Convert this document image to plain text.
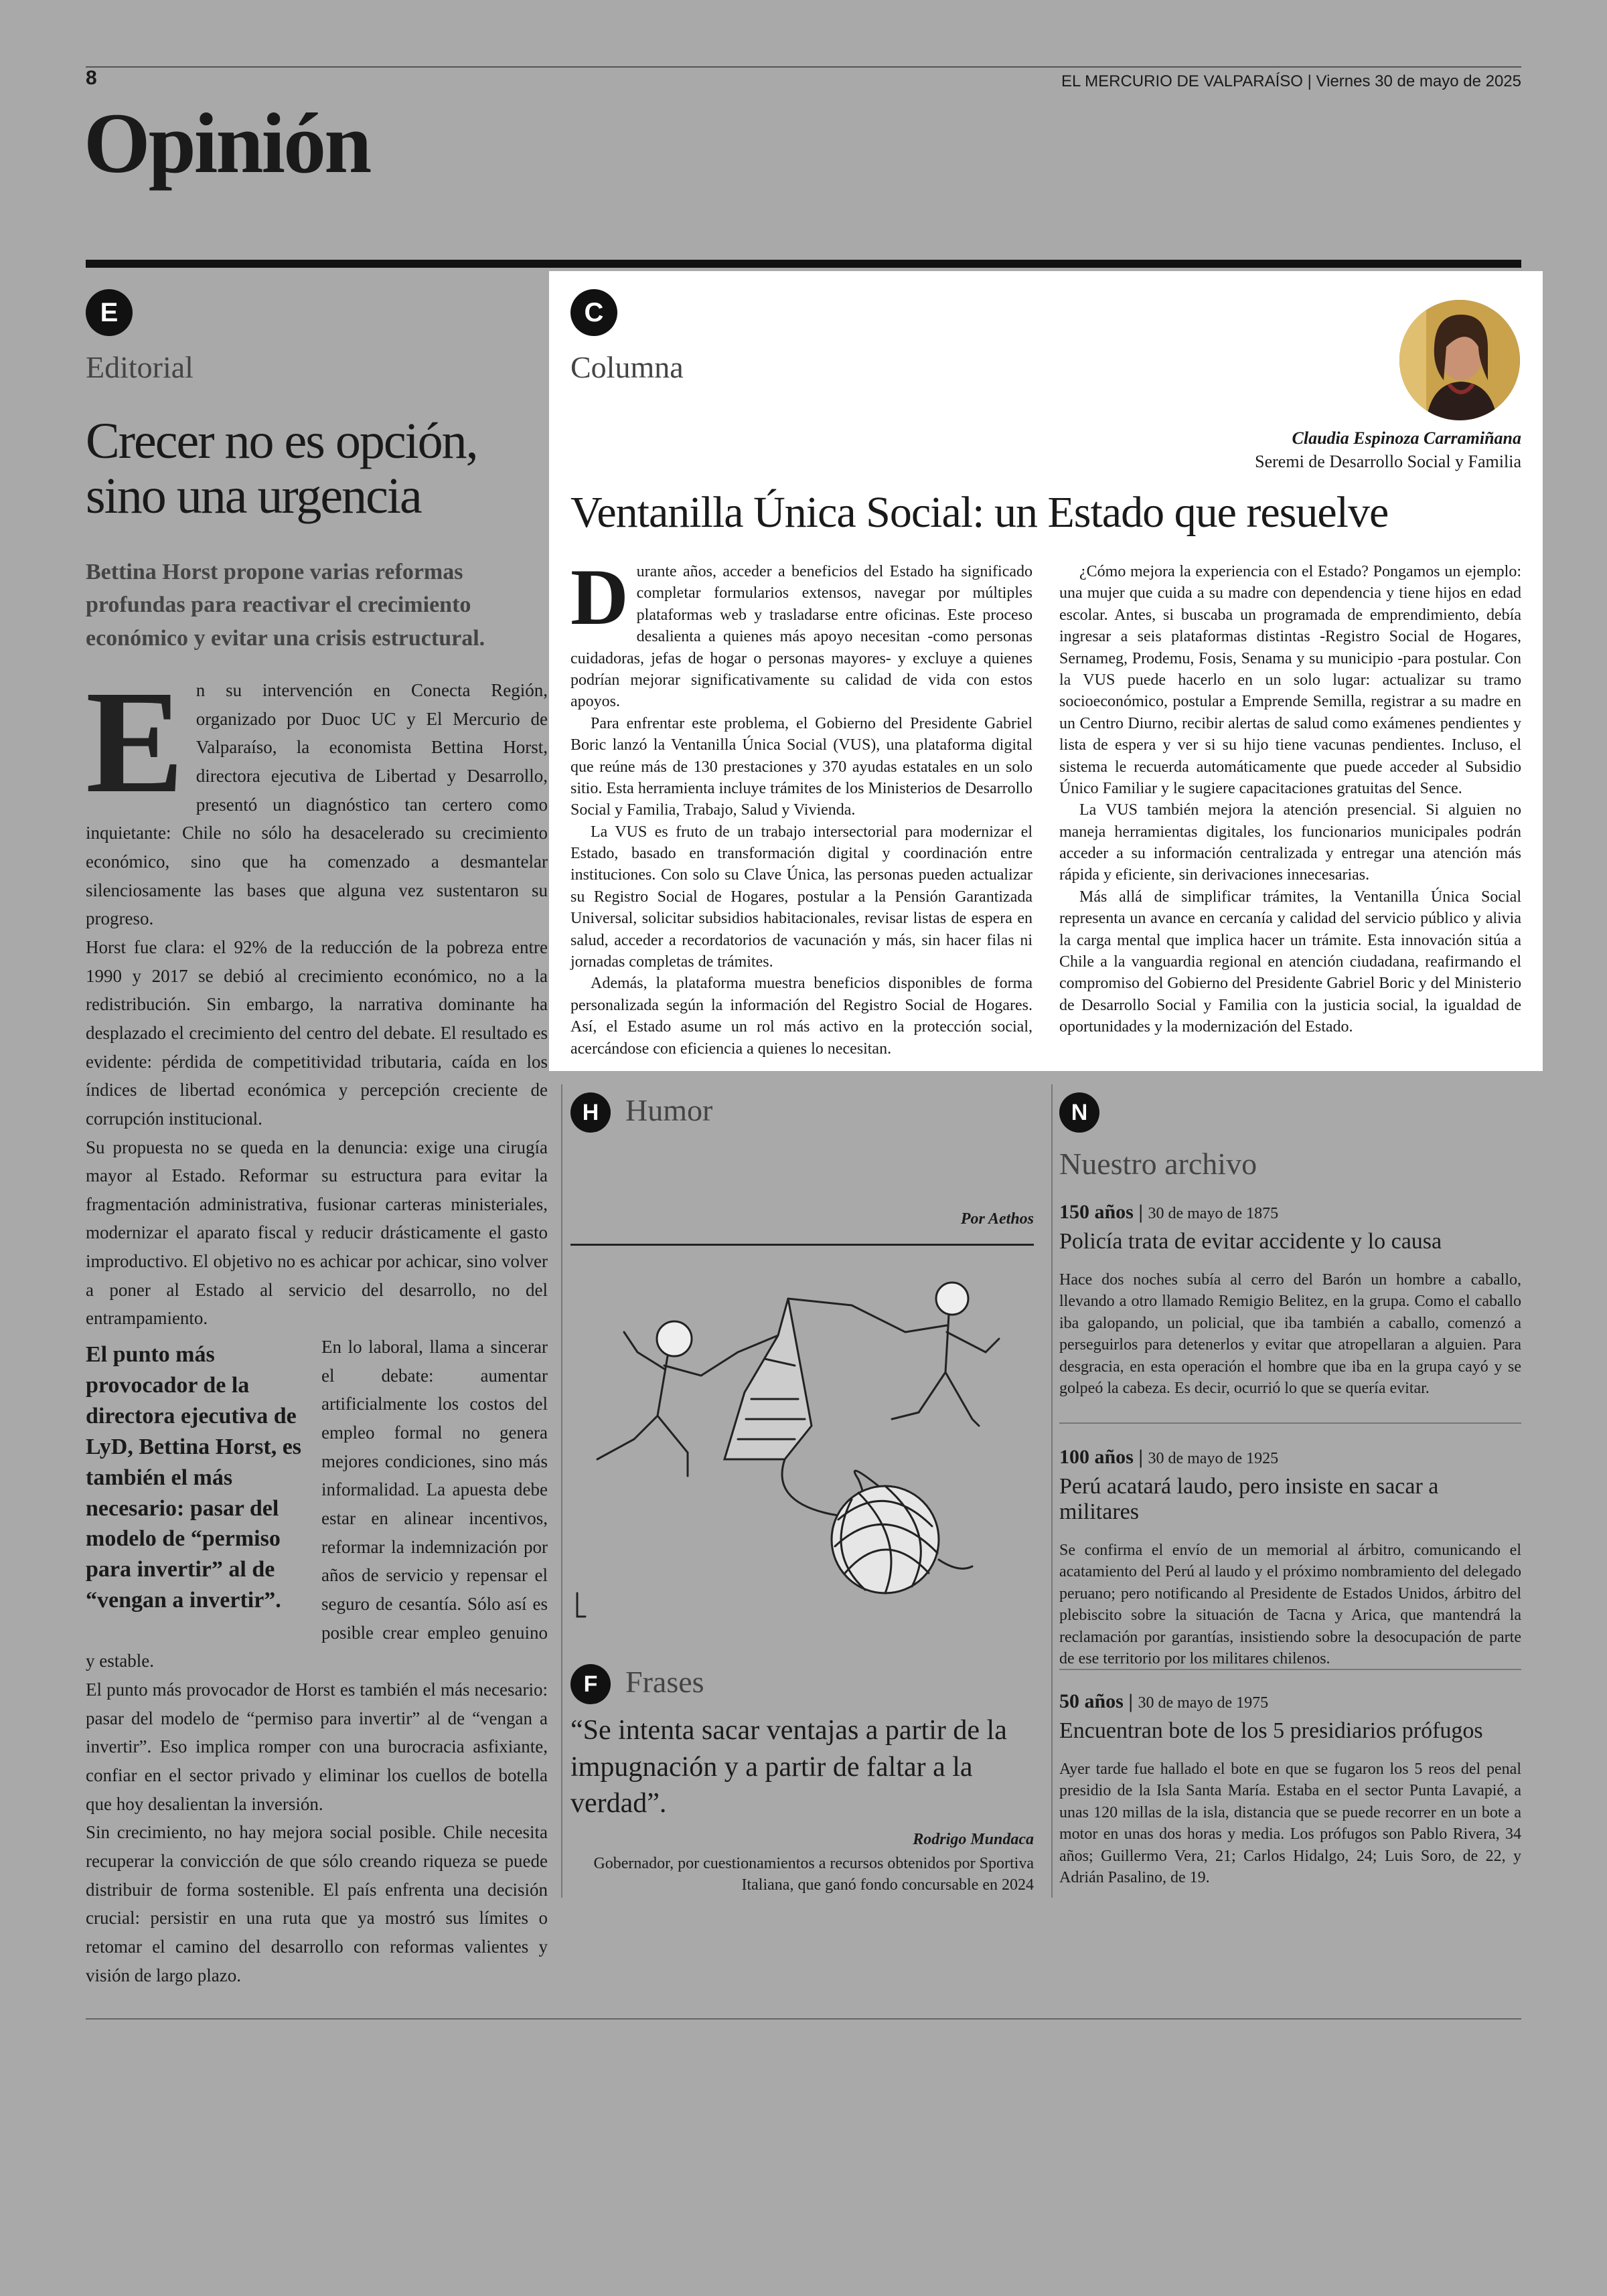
8	EL MERCURIO DE VALPARAÍSO | Viernes 30 de mayo de 2025
Opinión
E
Editorial
Crecer no es opción, sino una urgencia
Bettina Horst propone varias reformas profundas para reactivar el crecimiento económico y evitar una crisis estructural.
E n su intervención en Conecta Región, organizado por Duoc UC y El Mercurio de Valparaíso, la economista Bettina Horst, directora ejecutiva de Libertad y Desarrollo, presentó un diagnóstico tan certero como inquietante: Chile no sólo ha desacelerado su crecimiento económico, sino que ha comenzado a desmantelar silenciosamente las bases que alguna vez sustentaron su progreso.

Horst fue clara: el 92% de la reducción de la pobreza entre 1990 y 2017 se debió al crecimiento económico, no a la redistribución. Sin embargo, la narrativa dominante ha desplazado el crecimiento del centro del debate. El resultado es evidente: pérdida de competitividad tributaria, caída en los índices de libertad económica y percepción creciente de corrupción institucional.

Su propuesta no se queda en la denuncia: exige una cirugía mayor al Estado. Reformar su estructura para evitar la fragmentación administrativa, fusionar carteras ministeriales, modernizar el aparato fiscal y reducir drásticamente el gasto improductivo. El objetivo no es achicar por achicar, sino volver a poner al Estado al servicio del desarrollo, no del entrampamiento.

El punto más provocador de la directora ejecutiva de LyD, Bettina Horst, es también el más necesario: pasar del modelo de “permiso para invertir” al de “vengan a invertir”.

En lo laboral, llama a sincerar el debate: aumentar artificialmente los costos del empleo formal no genera mejores condiciones, sino más informalidad. La apuesta debe estar en alinear incentivos, reformar la indemnización por años de servicio y repensar el seguro de cesantía. Sólo así es posible crear empleo genuino y estable.

El punto más provocador de Horst es también el más necesario: pasar del modelo de “permiso para invertir” al de “vengan a invertir”. Eso implica romper con una burocracia asfixiante, confiar en el sector privado y eliminar los cuellos de botella que hoy desalientan la inversión.

Sin crecimiento, no hay mejora social posible. Chile necesita recuperar la convicción de que sólo creando riqueza se puede distribuir de forma sostenible. El país enfrenta una decisión crucial: persistir en una ruta que ya mostró sus límites o retomar el camino del desarrollo con reformas valientes y visión de largo plazo.

C
Columna
Claudia Espinoza Carramiñana
Seremi de Desarrollo Social y Familia
Ventanilla Única Social: un Estado que resuelve
D urante años, acceder a beneficios del Estado ha significado completar formularios extensos, navegar por múltiples plataformas web y trasladarse entre oficinas. Este proceso desalienta a quienes más apoyo necesitan -como personas cuidadoras, jefas de hogar o personas mayores- y excluye a quienes podrían mejorar significativamente su calidad de vida con estos apoyos.

Para enfrentar este problema, el Gobierno del Presidente Gabriel Boric lanzó la Ventanilla Única Social (VUS), una plataforma digital que reúne más de 130 prestaciones y 370 ayudas estatales en un solo sitio. Esta herramienta incluye trámites de los Ministerios de Desarrollo Social y Familia, Trabajo, Salud y Vivienda.

La VUS es fruto de un trabajo intersectorial para modernizar el Estado, basado en transformación digital y coordinación entre instituciones. Con solo su Clave Única, las personas pueden actualizar su Registro Social de Hogares, postular a la Pensión Garantizada Universal, solicitar subsidios habitacionales, revisar listas de espera en salud, acceder a recordatorios de vacunación y más, sin hacer filas ni jornadas completas de trámites.

Además, la plataforma muestra beneficios disponibles de forma personalizada según la información del Registro Social de Hogares. Así, el Estado asume un rol más activo en la protección social, acercándose con eficiencia a quienes lo necesitan.

¿Cómo mejora la experiencia con el Estado? Pongamos un ejemplo: una mujer que cuida a su madre con dependencia y tiene hijos en edad escolar. Antes, si buscaba un programada de emprendimiento, debía ingresar a seis plataformas distintas -Registro Social de Hogares, Sernameg, Prodemu, Fosis, Senama y su municipio -para postular. Con la VUS puede hacerlo en un solo lugar: actualizar su tramo socioeconómico, postular a Emprende Semilla, registrar a su madre en un Centro Diurno, recibir alertas de salud como exámenes pendientes y lista de espera y ver si su hijo tiene vacunas pendientes. Incluso, el sistema le recuerda automáticamente que puede acceder al Subsidio Único Familiar y le sugiere capacitaciones gratuitas del Sence.

La VUS también mejora la atención presencial. Si alguien no maneja herramientas digitales, los funcionarios municipales podrán acceder a su información centralizada y entregar una atención más rápida y eficiente, sin derivaciones innecesarias.

Más allá de simplificar trámites, la Ventanilla Única Social representa un avance en cercanía y calidad del servicio público y alivia la carga mental que implica hacer un trámite. Esta innovación sitúa a Chile a la vanguardia regional en atención ciudadana, reafirmando el compromiso del Gobierno del Presidente Gabriel Boric y del Ministerio de Desarrollo Social y Familia con la justicia social, la igualdad de oportunidades y la modernización del Estado.

H Humor
Por Aethos
F Frases
“Se intenta sacar ventajas a partir de la impugnación y a partir de faltar a la verdad”.
Rodrigo Mundaca
Gobernador, por cuestionamientos a recursos obtenidos por Sportiva Italiana, que ganó fondo concursable en 2024
N
Nuestro archivo
150 años | 30 de mayo de 1875
Policía trata de evitar accidente y lo causa
Hace dos noches subía al cerro del Barón un hombre a caballo, llevando a otro llamado Remigio Belitez, en la grupa. Como el caballo iba galopando, un policial, que iba también a caballo, comenzó a perseguirlos para detenerlos y evitar que atropellaran a alguien. Para desgracia, en esta operación el hombre que iba en la grupa cayó y se golpeó la cabeza. Es decir, ocurrió lo que se quería evitar.
100 años | 30 de mayo de 1925
Perú acatará laudo, pero insiste en sacar a militares
Se confirma el envío de un memorial al árbitro, comunicando el acatamiento del Perú al laudo y el próximo nombramiento del delegado peruano; pero notificando al Presidente de Estados Unidos, árbitro del plebiscito sobre la situación de Tacna y Arica, que mantendrá la reclamación por garantías, insistiendo sobre la desocupación de parte de ese territorio por los militares chilenos.
50 años | 30 de mayo de 1975
Encuentran bote de los 5 presidiarios prófugos
Ayer tarde fue hallado el bote en que se fugaron los 5 reos del penal presidio de la Isla Santa María. Estaba en el sector Punta Lavapié, a unas 120 millas de la isla, distancia que se puede recorrer en un bote a motor en unas dos horas y media. Los prófugos son Pablo Rivera, 34 años; Guillermo Vera, 21; Carlos Hidalgo, 24; Luis Soro, de 22, y Adrián Pasalino, de 19.
